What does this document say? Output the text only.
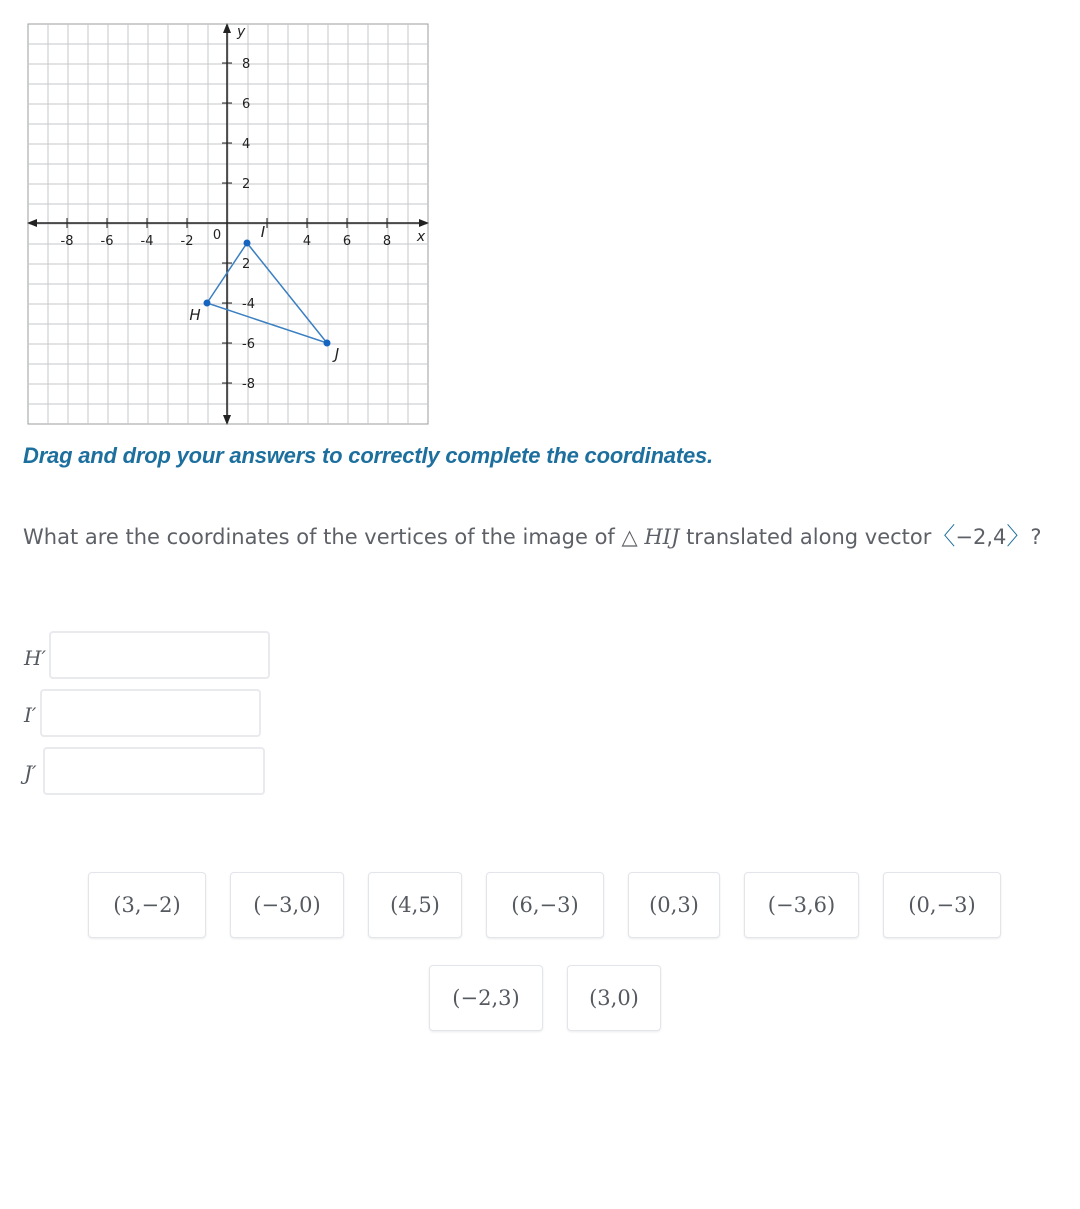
-8 -6 -4 -2	4 6 8
8
6
4
2
2
-4
-6
-8
0	x
y
H
I
J

Drag and drop your answers to correctly complete the coordinates.

What are the coordinates of the vertices of the image of △ HIJ translated along vector〈−2,4〉?

H′
I′
J′
(3,−2)	(−3,0)	(4,5)	(6,−3)	(0,3)	(−3,6)	(0,−3)
(−2,3)	(3,0)
